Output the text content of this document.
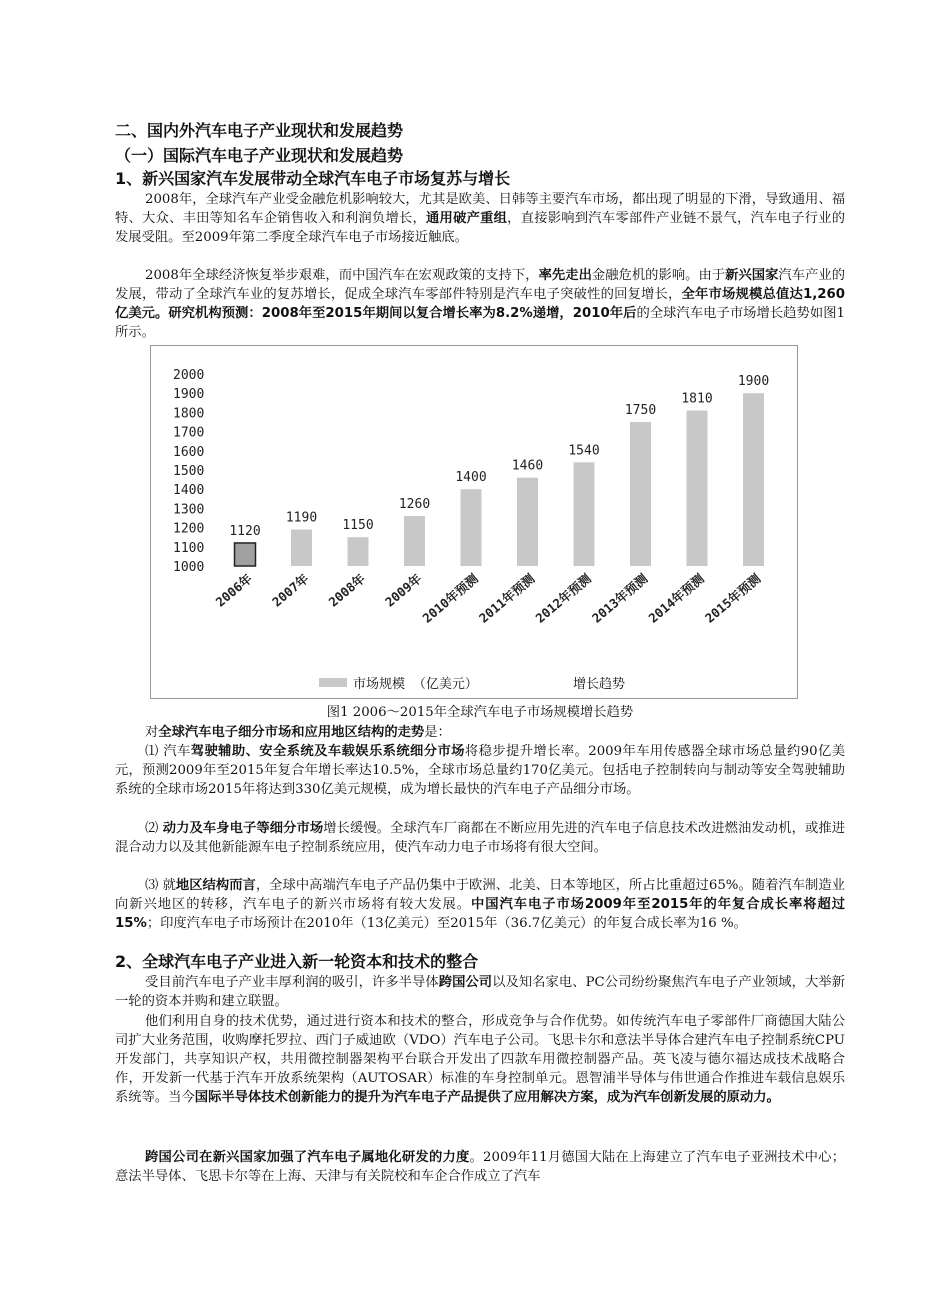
二、国内外汽车电子产业现状和发展趋势
（一）国际汽车电子产业现状和发展趋势
1、新兴国家汽车发展带动全球汽车电子市场复苏与增长

2008年，全球汽车产业受金融危机影响较大，尤其是欧美、日韩等主要汽车市场，都出现了明显的下滑，导致通用、福特、大众、丰田等知名车企销售收入和利润负增长，通用破产重组，直接影响到汽车零部件产业链不景气，汽车电子行业的发展受阻。至2009年第二季度全球汽车电子市场接近触底。

2008年全球经济恢复举步艰难，而中国汽车在宏观政策的支持下，率先走出金融危机的影响。由于新兴国家汽车产业的发展，带动了全球汽车业的复苏增长，促成全球汽车零部件特别是汽车电子突破性的回复增长，全年市场规模总值达1,260亿美元。研究机构预测：2008年至2015年期间以复合增长率为8.2%递增，2010年后的全球汽车电子市场增长趋势如图1所示。

2000
1900
1800
1700
1600
1500
1400
1300
1200
1100
1000
1120
2006年
1190
2007年
1150
2008年
1260
2009年
1400
2010年预测
1460
2011年预测
1540
2012年预测
1750
2013年预测
1810
2014年预测
1900
2015年预测
市场规模 （亿美元）	增长趋势

图1 2006～2015年全球汽车电子市场规模增长趋势

对全球汽车电子细分市场和应用地区结构的走势是：

⑴ 汽车驾驶辅助、安全系统及车载娱乐系统细分市场将稳步提升增长率。2009年车用传感器全球市场总量约90亿美元，预测2009年至2015年复合年增长率达10.5%，全球市场总量约170亿美元。包括电子控制转向与制动等安全驾驶辅助系统的全球市场2015年将达到330亿美元规模，成为增长最快的汽车电子产品细分市场。

⑵ 动力及车身电子等细分市场增长缓慢。全球汽车厂商都在不断应用先进的汽车电子信息技术改进燃油发动机，或推进混合动力以及其他新能源车电子控制系统应用，使汽车动力电子市场将有很大空间。

⑶ 就地区结构而言，全球中高端汽车电子产品仍集中于欧洲、北美、日本等地区，所占比重超过65%。随着汽车制造业向新兴地区的转移，汽车电子的新兴市场将有较大发展。中国汽车电子市场2009年至2015年的年复合成长率将超过15%；印度汽车电子市场预计在2010年（13亿美元）至2015年（36.7亿美元）的年复合成长率为16 %。

2、全球汽车电子产业进入新一轮资本和技术的整合

受目前汽车电子产业丰厚利润的吸引，许多半导体跨国公司以及知名家电、PC公司纷纷聚焦汽车电子产业领域，大举新一轮的资本并购和建立联盟。

他们利用自身的技术优势，通过进行资本和技术的整合，形成竞争与合作优势。如传统汽车电子零部件厂商德国大陆公司扩大业务范围，收购摩托罗拉、西门子威迪欧（VDO）汽车电子公司。飞思卡尔和意法半导体合建汽车电子控制系统CPU开发部门，共享知识产权，共用微控制器架构平台联合开发出了四款车用微控制器产品。英飞凌与德尔福达成技术战略合作，开发新一代基于汽车开放系统架构（AUTOSAR）标准的车身控制单元。恩智浦半导体与伟世通合作推进车载信息娱乐系统等。当今国际半导体技术创新能力的提升为汽车电子产品提供了应用解决方案，成为汽车创新发展的原动力。

跨国公司在新兴国家加强了汽车电子属地化研发的力度。2009年11月德国大陆在上海建立了汽车电子亚洲技术中心；意法半导体、飞思卡尔等在上海、天津与有关院校和车企合作成立了汽车
